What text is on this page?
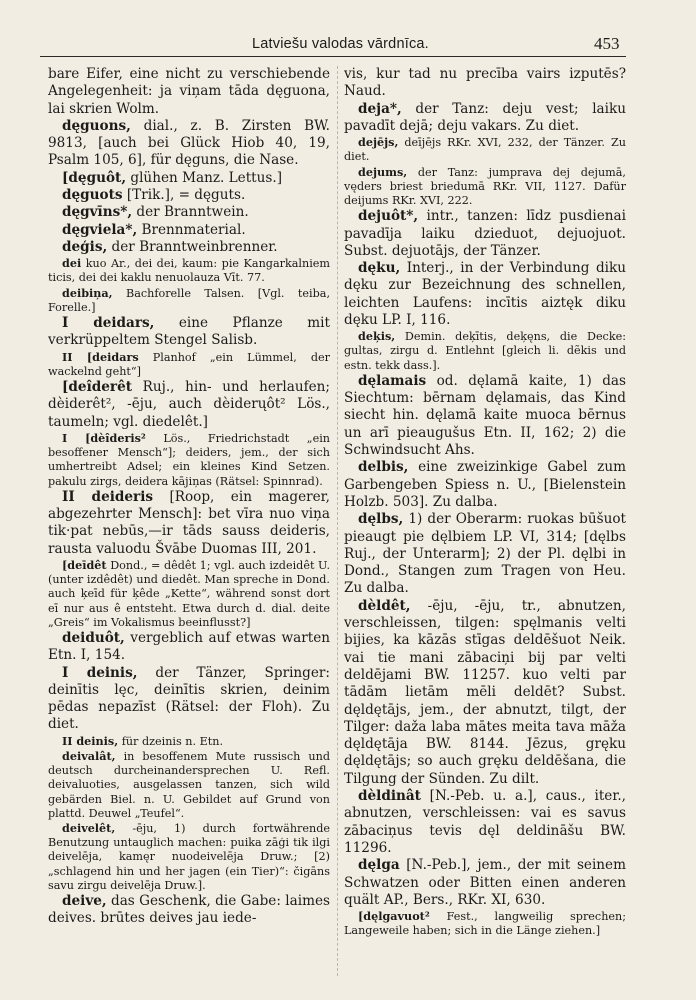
Latviešu valodas vārdnīca.	453

bare Eifer, eine nicht zu verschiebende Angelegenheit: ja viņam tāda dęguona, lai skrien Wolm.

dęguons, dial., z. B. Zirsten BW. 9813, [auch bei Glück Hiob 40, 19, Psalm 105, 6], für dęguns, die Nase.

[dęguôt, glühen Manz. Lettus.]

dęguots [Trik.], = dęguts.

dęgvīns*, der Branntwein.

dęgviela*, Brennmaterial.

deģis, der Branntweinbrenner.

dei kuo Ar., dei dei, kaum: pie Kangarkalniem ticis, dei dei kaklu nenuolauza Vīt. 77.

deibiņa, Bachforelle Talsen. [Vgl. teiba, Forelle.]

I deidars, eine Pflanze mit verkrüppeltem Stengel Salisb.

II [deidars Planhof „ein Lümmel, der wackelnd geht“]

[deîderêt Ruj., hin- und herlaufen; dèiderêt², -ēju, auch dèiderųôt² Lös., taumeln; vgl. diedelêt.]

I [dèîderis² Lös., Friedrichstadt „ein besoffener Mensch“]; deiders, jem., der sich umhertreibt Adsel; ein kleines Kind Setzen. pakulu zirgs, deidera kājiņas (Rätsel: Spinnrad).

II deideris [Roop, ein magerer, abgezehrter Mensch]: bet vīra nuo viņa tik·pat nebūs,—ir tāds sauss deideris, rausta valuodu Švābe Duomas III, 201.

[deīdêt Dond., = dêdêt 1; vgl. auch izdeidêt U. (unter izdêdêt) und diedêt. Man spreche in Dond. auch ķeīd für ķêde „Kette“, während sonst dort eī nur aus ê entsteht. Etwa durch d. dial. deite „Greis“ im Vokalismus beeinflusst?]

deiduôt, vergeblich auf etwas warten Etn. I, 154.

I deinis, der Tänzer, Springer: deinītis lęc, deinītis skrien, deinim pēdas nepazīst (Rätsel: der Floh). Zu diet.

II deinis, für dzeinis n. Etn.

deivalât, in besoffenem Mute russisch und deutsch durcheinandersprechen U. Refl. deivaluoties, ausgelassen tanzen, sich wild gebärden Biel. n. U. Gebildet auf Grund von plattd. Deuwel „Teufel“.

deivelêt, -ēju, 1) durch fortwährende Benutzung untauglich machen: puika zāģi tik ilgi deivelēja, kamęr nuodeivelēja Druw.; [2) „schlagend hin und her jagen (ein Tier)“: čigāns savu zirgu deivelēja Druw.].

deive, das Geschenk, die Gabe: laimes deives. brūtes deives jau iede-

vis, kur tad nu precība vairs izputēs? Naud.

deja*, der Tanz: deju vest; laiku pavadīt dejā; deju vakars. Zu diet.

dejējs, deījējs RKr. XVI, 232, der Tänzer. Zu diet.

dejums, der Tanz: jumprava dej dejumā, vęders briest briedumā RKr. VII, 1127. Dafür deijums RKr. XVI, 222.

dejuôt*, intr., tanzen: līdz pusdienai pavadīja laiku dzieduot, dejuojuot. Subst. dejuotājs, der Tänzer.

dęku, Interj., in der Verbindung diku dęku zur Bezeichnung des schnellen, leichten Laufens: incītis aiztęk diku dęku LP. I, 116.

deķis, Demin. deķītis, deķęns, die Decke: gultas, zirgu d. Entlehnt [gleich li. dẽkis und estn. tekk dass.].

dęlamais od. dęlamā kaite, 1) das Siechtum: bērnam dęlamais, das Kind siecht hin. dęlamā kaite muoca bērnus un arī pieaugušus Etn. II, 162; 2) die Schwindsucht Ahs.

delbis, eine zweizinkige Gabel zum Garbengeben Spiess n. U., [Bielenstein Holzb. 503]. Zu dalba.

dęlbs, 1) der Oberarm: ruokas būšuot pieaugt pie dęlbiem LP. VI, 314; [dęlbs Ruj., der Unterarm]; 2) der Pl. dęlbi in Dond., Stangen zum Tragen von Heu. Zu dalba.

dèldêt, -ēju, -ēju, tr., abnutzen, verschleissen, tilgen: spęlmanis velti bijies, ka kāzās stīgas deldēšuot Neik. vai tie mani zābaciņi bij par velti deldējami BW. 11257. kuo velti par tādām lietām mēli deldēt? Subst. dęldętājs, jem., der abnutzt, tilgt, der Tilger: daža laba mātes meita tava māža dęldętāja BW. 8144. Jēzus, gręku dęldętājs; so auch gręku deldēšana, die Tilgung der Sünden. Zu dilt.

dèldinât [N.-Peb. u. a.], caus., iter., abnutzen, verschleissen: vai es savus zābaciņus tevis dęl deldināšu BW. 11296.

dęlga [N.-Peb.], jem., der mit seinem Schwatzen oder Bitten einen anderen quält AP., Bers., RKr. XI, 630.

[dęlgavuot² Fest., langweilig sprechen; Langeweile haben; sich in die Länge ziehen.]
